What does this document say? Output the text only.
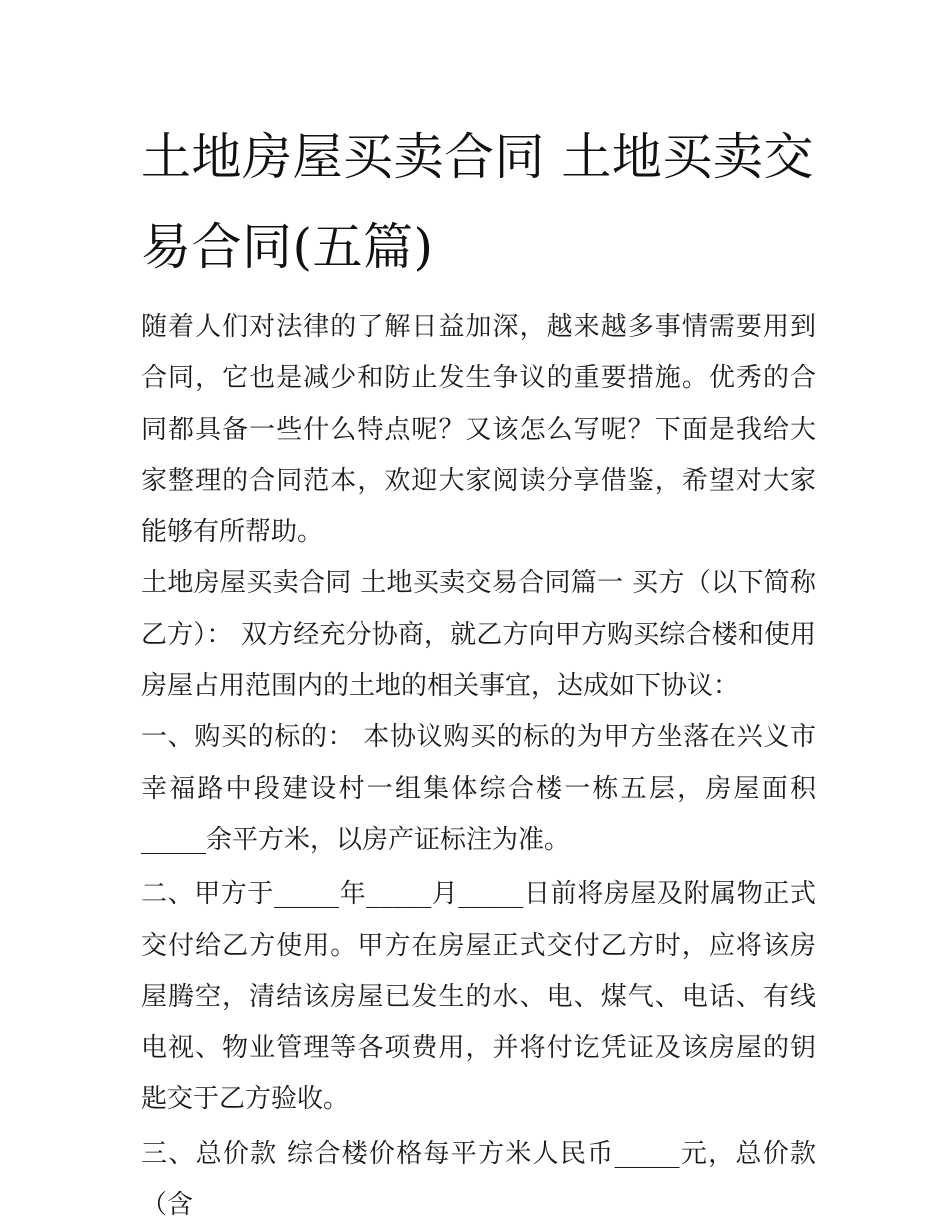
土地房屋买卖合同 土地买卖交易合同(五篇)

随着人们对法律的了解日益加深，越来越多事情需要用到合同，它也是减少和防止发生争议的重要措施。优秀的合同都具备一些什么特点呢？又该怎么写呢？下面是我给大家整理的合同范本，欢迎大家阅读分享借鉴，希望对大家能够有所帮助。

土地房屋买卖合同 土地买卖交易合同篇一 买方（以下简称乙方）： 双方经充分协商，就乙方向甲方购买综合楼和使用房屋占用范围内的土地的相关事宜，达成如下协议：

一、购买的标的： 本协议购买的标的为甲方坐落在兴义市幸福路中段建设村一组集体综合楼一栋五层，房屋面积_____余平方米，以房产证标注为准。

二、甲方于_____年_____月_____日前将房屋及附属物正式交付给乙方使用。甲方在房屋正式交付乙方时，应将该房屋腾空，清结该房屋已发生的水、电、煤气、电话、有线电视、物业管理等各项费用，并将付讫凭证及该房屋的钥匙交于乙方验收。

三、总价款 综合楼价格每平方米人民币_____元，总价款（含
